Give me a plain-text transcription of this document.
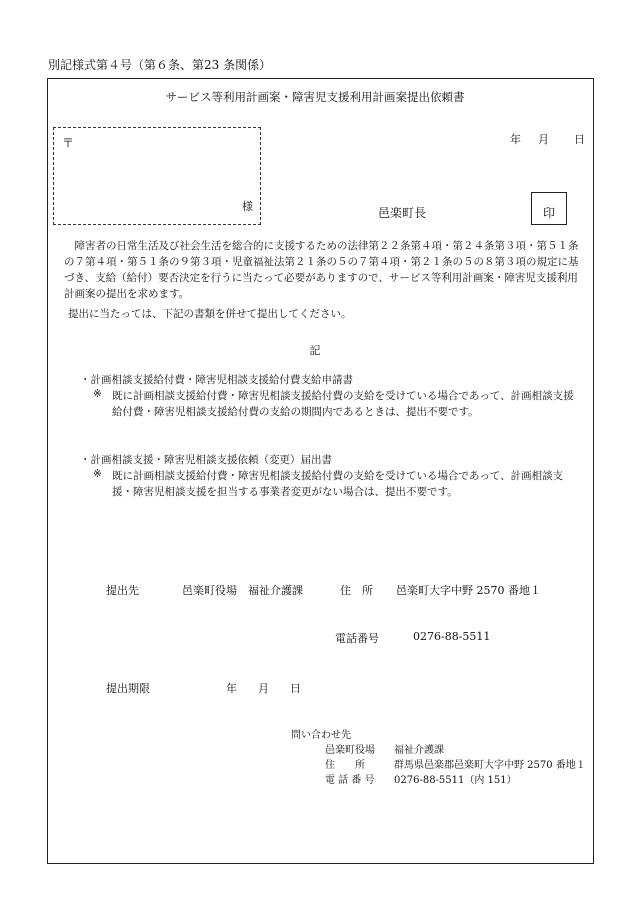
別記様式第４号（第６条、第23 条関係）
サービス等利用計画案・障害児支援利用計画案提出依頼書
〒
様
年 月 日
邑楽町長	印

障害者の日常生活及び社会生活を総合的に支援するための法律第２２条第４項・第２４条第３項・第５１条の７第４項・第５１条の９第３項・児童福祉法第２１条の５の７第４項・第２１条の５の８第３項の規定に基づき、支給（給付）要否決定を行うに当たって必要がありますので、サービス等利用計画案・障害児支援利用計画案の提出を求めます。

提出に当たっては、下記の書類を併せて提出してください。
記
・計画相談支援給付費・障害児相談支援給付費支給申請書
※ 既に計画相談支援給付費・障害児相談支援給付費の支給を受けている場合であって、計画相談支援給付費・障害児相談支援給付費の支給の期間内であるときは、提出不要です。

・計画相談支援・障害児相談支援依頼（変更）届出書
※ 既に計画相談支援給付費・障害児相談支援給付費の支給を受けている場合であって、計画相談支援・障害児相談支援を担当する事業者変更がない場合は、提出不要です。

提出先	邑楽町役場　福祉介護課	住　所 邑楽町大字中野 2570 番地１
電話番号	0276-88-5511
提出期限	年 月 日
問い合わせ先
邑楽町役場 福祉介護課
住　　所	群馬県邑楽郡邑楽町大字中野 2570 番地１
電 話 番 号 0276-88-5511（内 151）
